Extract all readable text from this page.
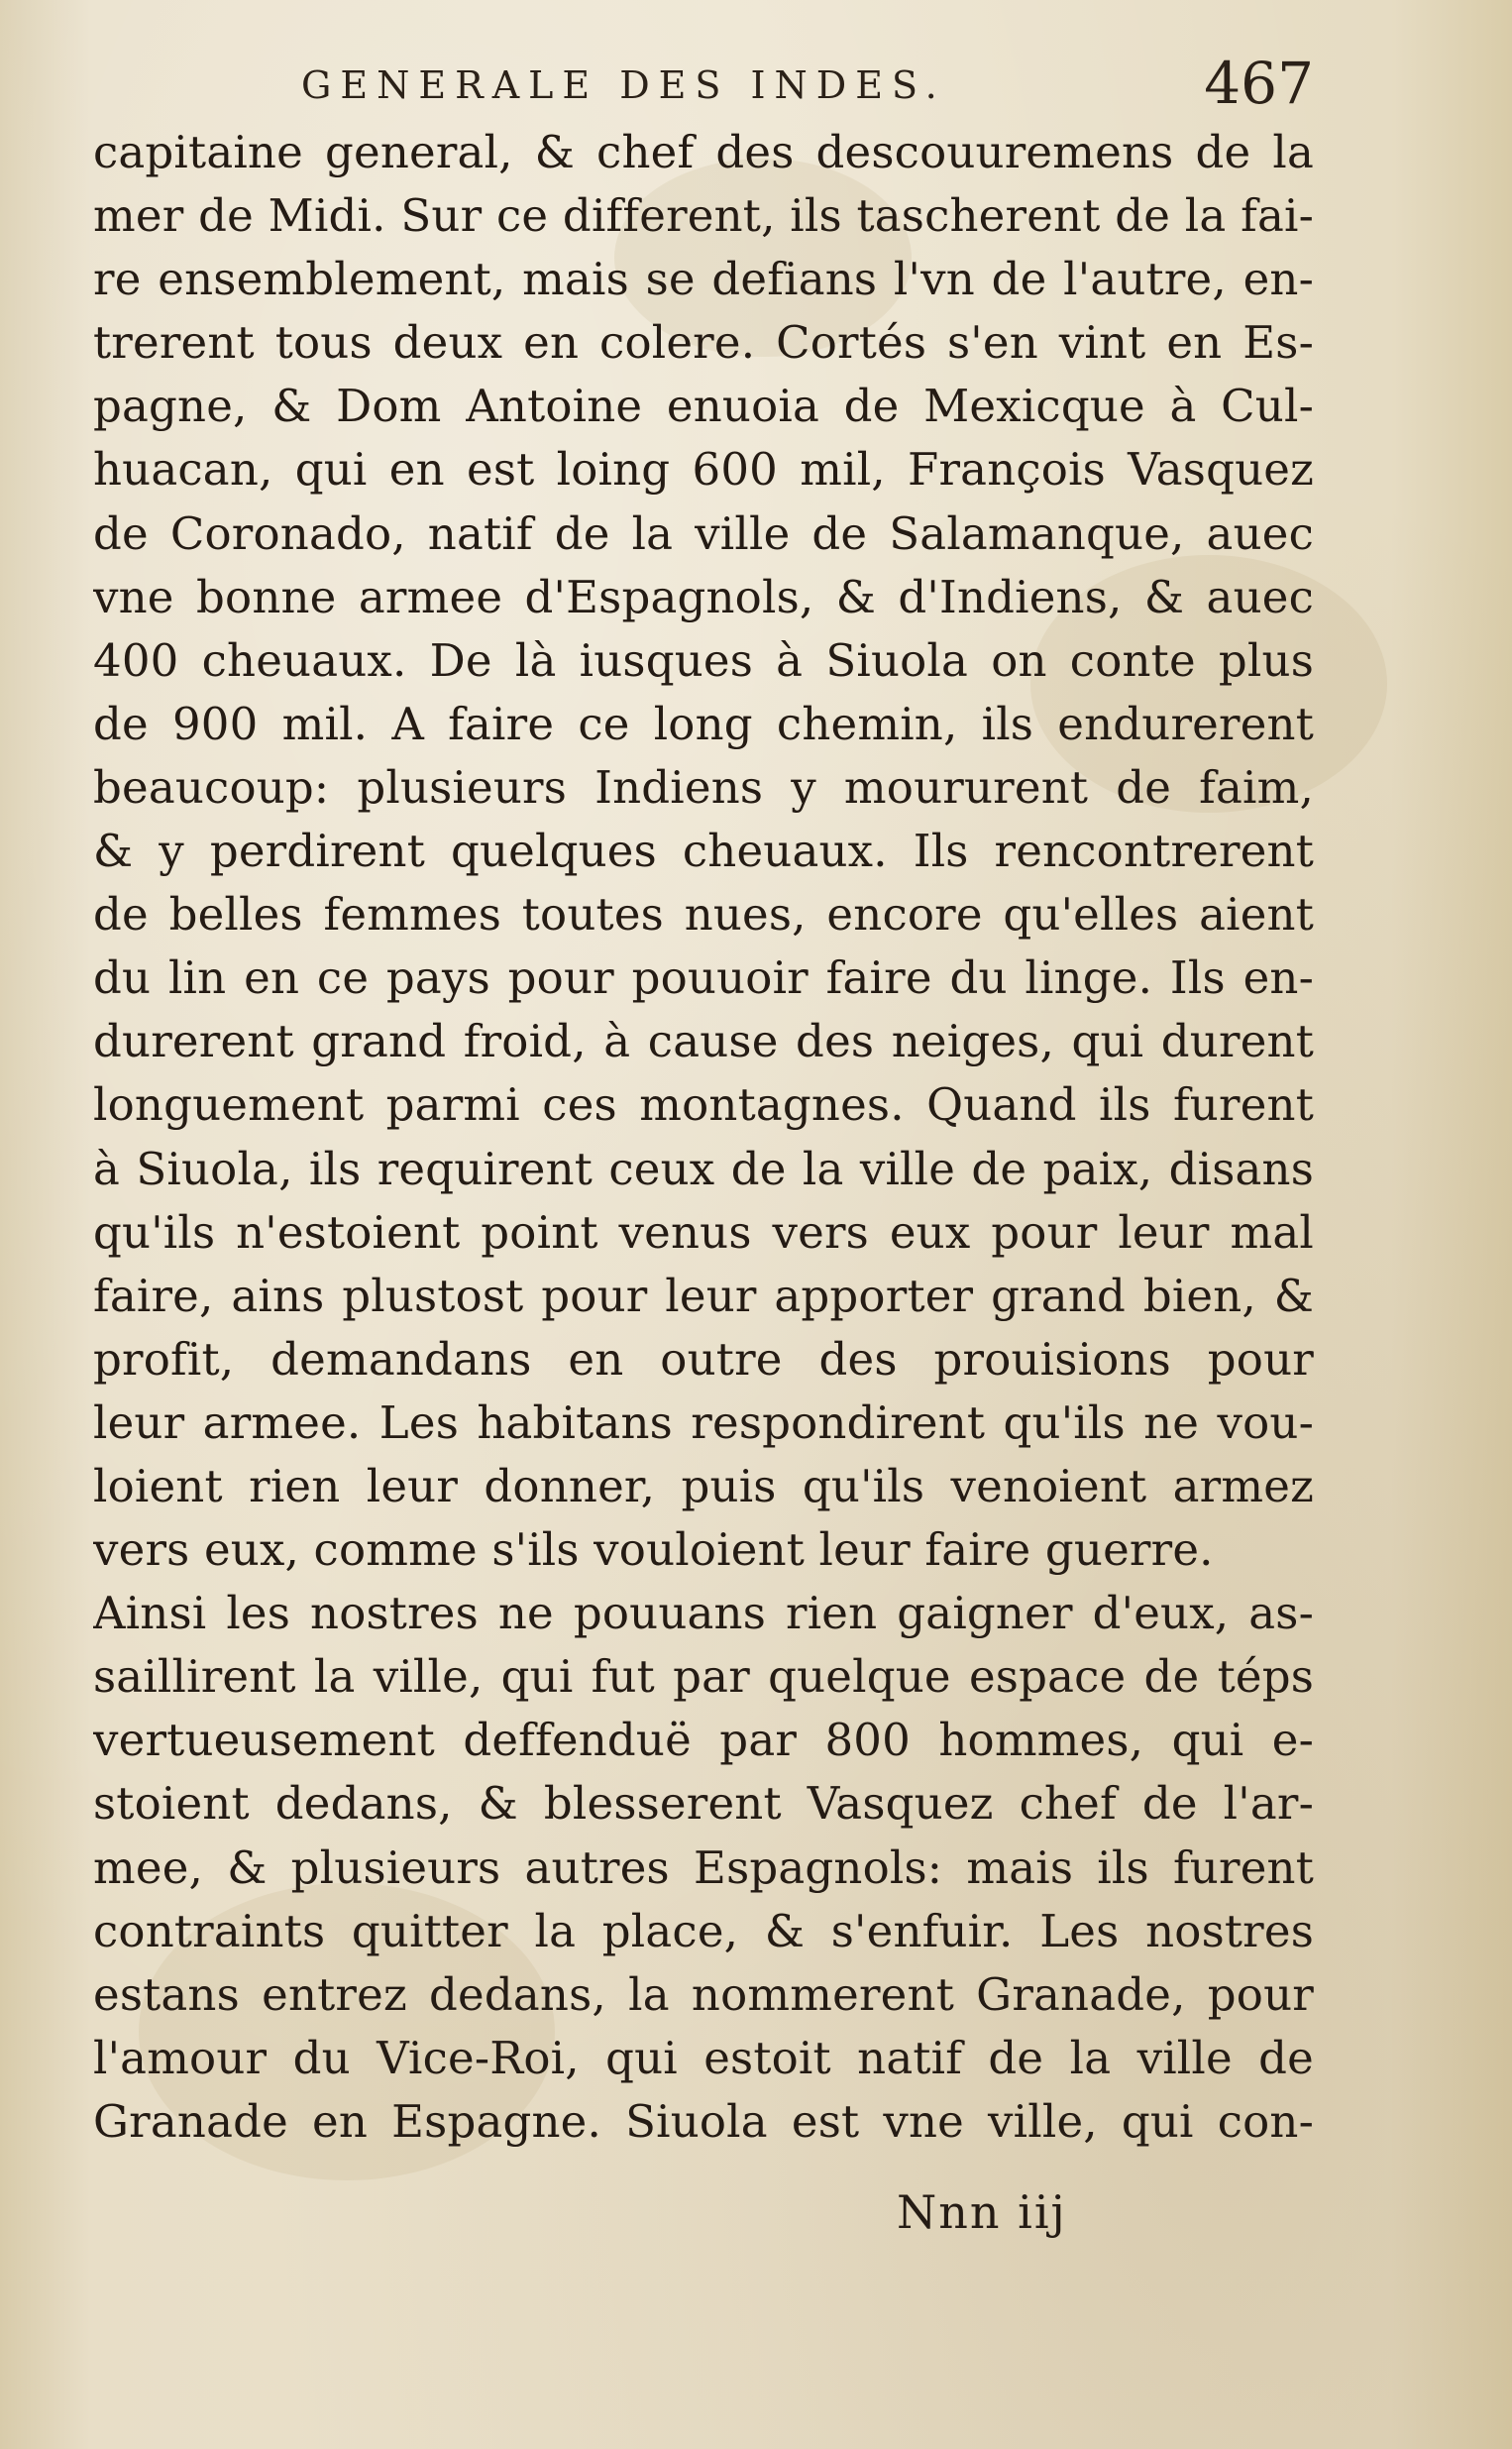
GENERALE DES INDES.	467
capitaine general, & chef des descouuremens de la
mer de Midi. Sur ce different, ils tascherent de la fai-
re ensemblement, mais se defians l'vn de l'autre, en-
trerent tous deux en colere. Cortés s'en vint en Es-
pagne, & Dom Antoine enuoia de Mexicque à Cul-
huacan, qui en est loing 600 mil, François Vasquez
de Coronado, natif de la ville de Salamanque, auec
vne bonne armee d'Espagnols, & d'Indiens, & auec
400 cheuaux. De là iusques à Siuola on conte plus
de 900 mil. A faire ce long chemin, ils endurerent
beaucoup: plusieurs Indiens y moururent de faim,
& y perdirent quelques cheuaux. Ils rencontrerent
de belles femmes toutes nues, encore qu'elles aient
du lin en ce pays pour pouuoir faire du linge. Ils en-
durerent grand froid, à cause des neiges, qui durent
longuement parmi ces montagnes. Quand ils furent
à Siuola, ils requirent ceux de la ville de paix, disans
qu'ils n'estoient point venus vers eux pour leur mal
faire, ains plustost pour leur apporter grand bien, &
profit, demandans en outre des prouisions pour
leur armee. Les habitans respondirent qu'ils ne vou-
loient rien leur donner, puis qu'ils venoient armez
vers eux, comme s'ils vouloient leur faire guerre.
Ainsi les nostres ne pouuans rien gaigner d'eux, as-
saillirent la ville, qui fut par quelque espace de téps
vertueusement deffenduë par 800 hommes, qui e-
stoient dedans, & blesserent Vasquez chef de l'ar-
mee, & plusieurs autres Espagnols: mais ils furent
contraints quitter la place, & s'enfuir. Les nostres
estans entrez dedans, la nommerent Granade, pour
l'amour du Vice-Roi, qui estoit natif de la ville de
Granade en Espagne. Siuola est vne ville, qui con-
Nnn iij
